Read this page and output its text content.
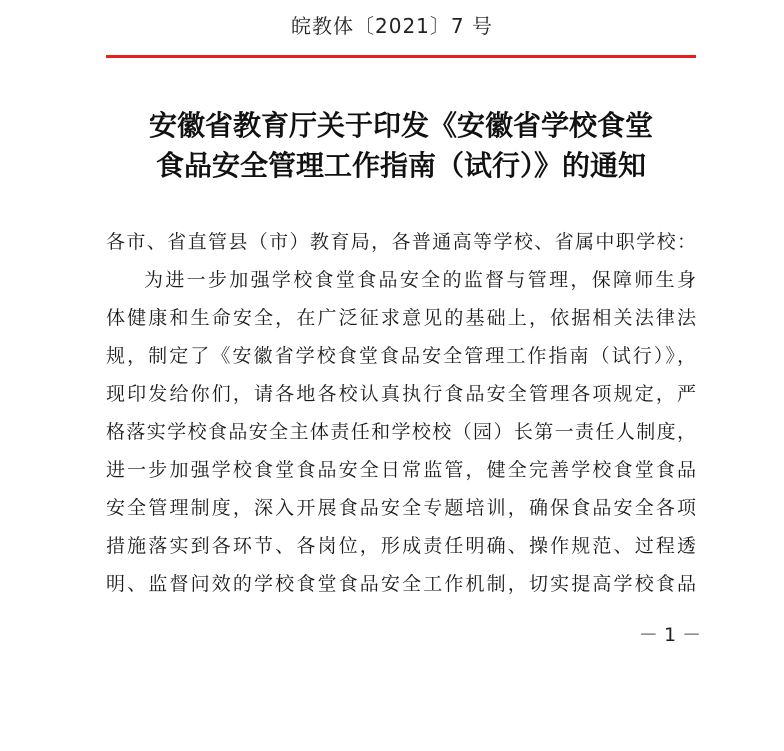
皖教体〔2021〕7 号
安徽省教育厅关于印发《安徽省学校食堂
食品安全管理工作指南（试行）》的通知
各市、省直管县（市）教育局，各普通高等学校、省属中职学校：
为进一步加强学校食堂食品安全的监督与管理，保障师生身
体健康和生命安全，在广泛征求意见的基础上，依据相关法律法
规，制定了《安徽省学校食堂食品安全管理工作指南（试行）》，
现印发给你们，请各地各校认真执行食品安全管理各项规定，严
格落实学校食品安全主体责任和学校校（园）长第一责任人制度，
进一步加强学校食堂食品安全日常监管，健全完善学校食堂食品
安全管理制度，深入开展食品安全专题培训，确保食品安全各项
措施落实到各环节、各岗位，形成责任明确、操作规范、过程透
明、监督问效的学校食堂食品安全工作机制，切实提高学校食品
－ 1 －
